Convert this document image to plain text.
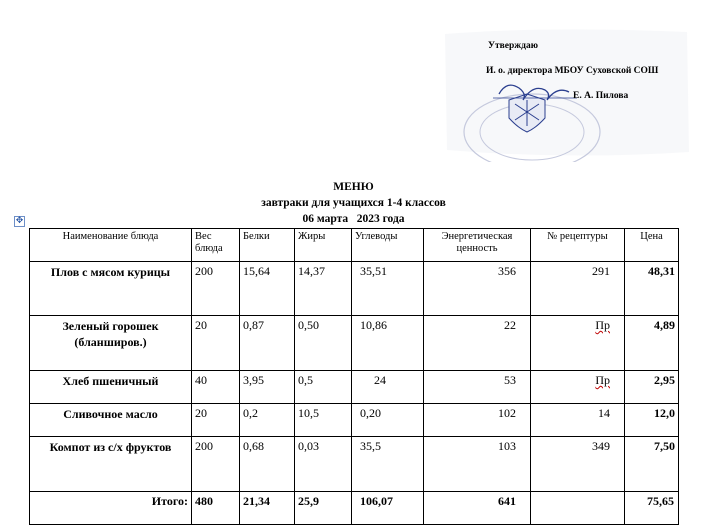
Утверждаю
И. о. директора МБОУ Суховской СОШ
Е. А. Пилова
МЕНЮ
завтраки для учащихся 1-4 классов
06 марта   2023 года
✥
Наименование блюда	Вес блюда	Белки	Жиры	Углеводы	Энергетическая ценность	№ рецептуры	Цена
Плов с мясом курицы	200	15,64	14,37	35,51	356	291	48,31
Зеленый горошек (бланширов.)	20	0,87	0,50	10,86	22	Пр	4,89
Хлеб пшеничный	40	3,95	0,5	24	53	Пр	2,95
Сливочное масло	20	0,2	10,5	0,20	102	14	12,0
Компот из с/х фруктов	200	0,68	0,03	35,5	103	349	7,50
Итого:	480	21,34	25,9	106,07	641		75,65
